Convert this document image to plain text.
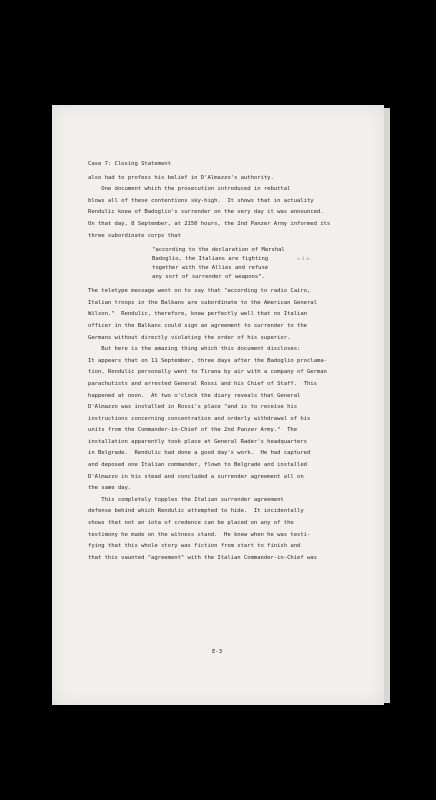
Case 7: Closing Statement
also had to profess his belief in D'Almazzo's authority.
One document which the prosecution introduced in rebuttal
blows all of these contentions sky-high.  It shows that in actuality
Rendulic knew of Badoglio's surrender on the very day it was announced.
On that day, 8 September, at 2150 hours, the 2nd Panzer Army informed its
three subordinate corps that
"according to the declaration of Marshal
Badoglio, the Italians are fighting
together with the Allies and refuse
any sort of surrender of weapons".
The teletype message went on to say that "according to radio Cairo,
Italian troops in the Balkans are subordinate to the American General
Wilson."  Rendulic, therefore, knew perfectly well that no Italian
officer in the Balkans could sign an agreement to surrender to the
Germans without directly violating the order of his superior.
But here is the amazing thing which this document discloses:
It appears that on 11 September, three days after the Badoglio proclama-
tion, Rendulic personally went to Tirana by air with a company of German
parachutists and arrested General Rossi and his Chief of Staff.  This
happened at noon.  At two o'clock the diary reveals that General
D'Almazzo was installed in Rossi's place "and is to receive his
instructions concerning concentration and orderly withdrawal of his
units from the Commander-in-Chief of the 2nd Panzer Army."  The
installation apparently took place at General Rader's headquarters
in Belgrade.  Rendulic had done a good day's work.  He had captured
and deposed one Italian commander, flown to Belgrade and installed
D'Almazzo in his stead and concluded a surrender agreement all on
the same day.
This completely topples the Italian surrender agreement
defense behind which Rendulic attempted to hide.  It incidentally
shows that not an iota of credence can be placed on any of the
testimony he made on the witness stand.  He knew when he was testi-
fying that this whole story was fiction from start to finish and
that this vaunted "agreement" with the Italian Commander-in-Chief was
a.d.m.
E-3
